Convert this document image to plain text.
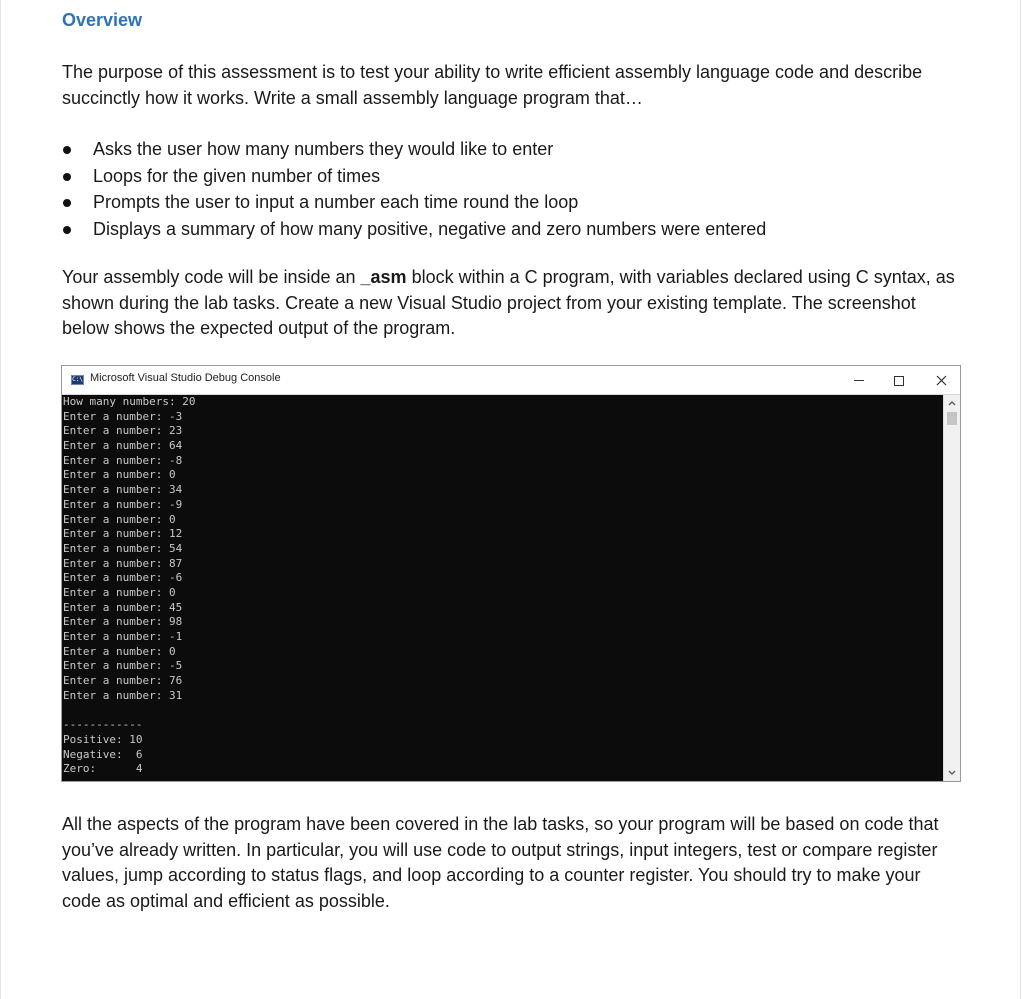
Overview
The purpose of this assessment is to test your ability to write efficient assembly language code and describe succinctly how it works. Write a small assembly language program that…
Asks the user how many numbers they would like to enter
Loops for the given number of times
Prompts the user to input a number each time round the loop
Displays a summary of how many positive, negative and zero numbers were entered
Your assembly code will be inside an _asm block within a C program, with variables declared using C syntax, as shown during the lab tasks. Create a new Visual Studio project from your existing template. The screenshot below shows the expected output of the program.
C:\ Microsoft Visual Studio Debug Console
How many numbers: 20
Enter a number: -3
Enter a number: 23
Enter a number: 64
Enter a number: -8
Enter a number: 0
Enter a number: 34
Enter a number: -9
Enter a number: 0
Enter a number: 12
Enter a number: 54
Enter a number: 87
Enter a number: -6
Enter a number: 0
Enter a number: 45
Enter a number: 98
Enter a number: -1
Enter a number: 0
Enter a number: -5
Enter a number: 76
Enter a number: 31
------------
Positive: 10
Negative:  6
Zero:      4
All the aspects of the program have been covered in the lab tasks, so your program will be based on code that you’ve already written. In particular, you will use code to output strings, input integers, test or compare register values, jump according to status flags, and loop according to a counter register. You should try to make your code as optimal and efficient as possible.
